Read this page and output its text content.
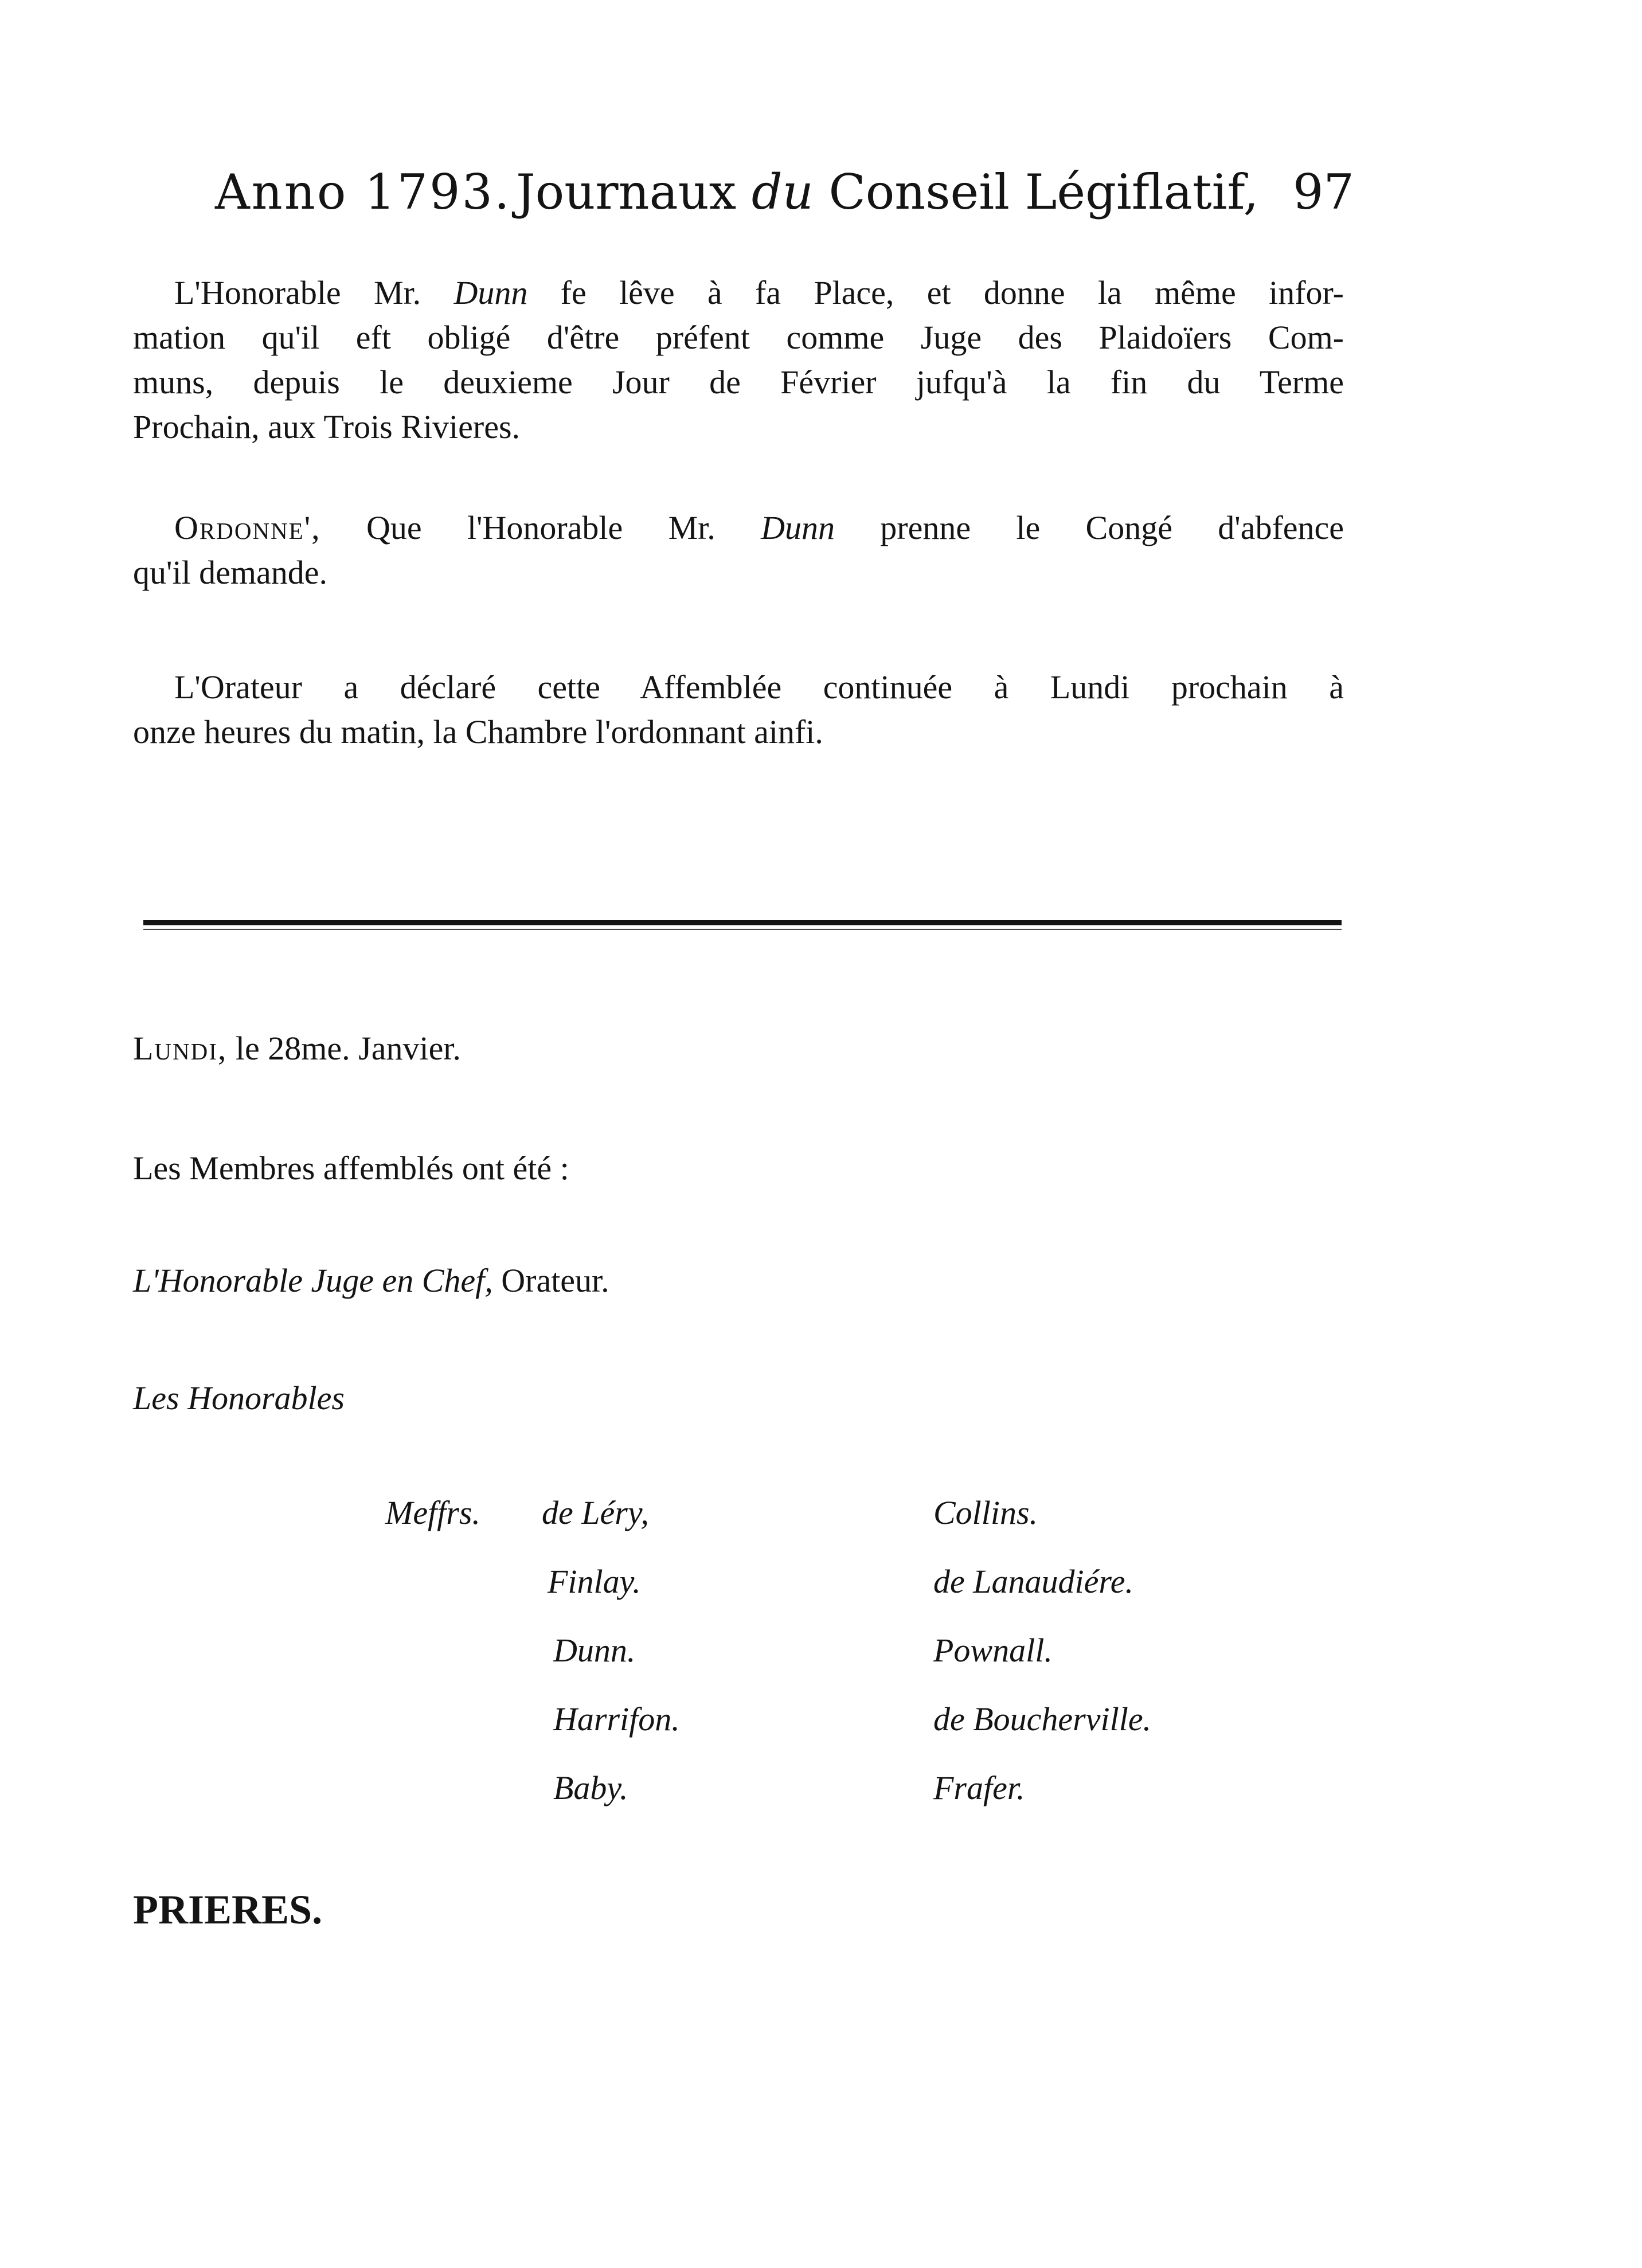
Anno 1793. Journaux du Conseil Légiflatif, 97
L'Honorable Mr. Dunn fe lêve à fa Place, et donne la même infor-
mation qu'il eft obligé d'être préfent comme Juge des Plaidoïers Com-
muns, depuis le deuxieme Jour de Février jufqu'à la fin du Terme
Prochain, aux Trois Rivieres.
Ordonne', Que l'Honorable Mr. Dunn prenne le Congé d'abfence
qu'il demande.
L'Orateur a déclaré cette Affemblée continuée à Lundi prochain à
onze heures du matin, la Chambre l'ordonnant ainfi.
Lundi, le 28me. Janvier.
Les Membres affemblés ont été :
L'Honorable Juge en Chef, Orateur.
Les Honorables
Meffrs. de Léry,
Finlay.
Dunn.
Harrifon.
Baby.
Collins.
de Lanaudiére.
Pownall.
de Boucherville.
Frafer.
PRIERES.
